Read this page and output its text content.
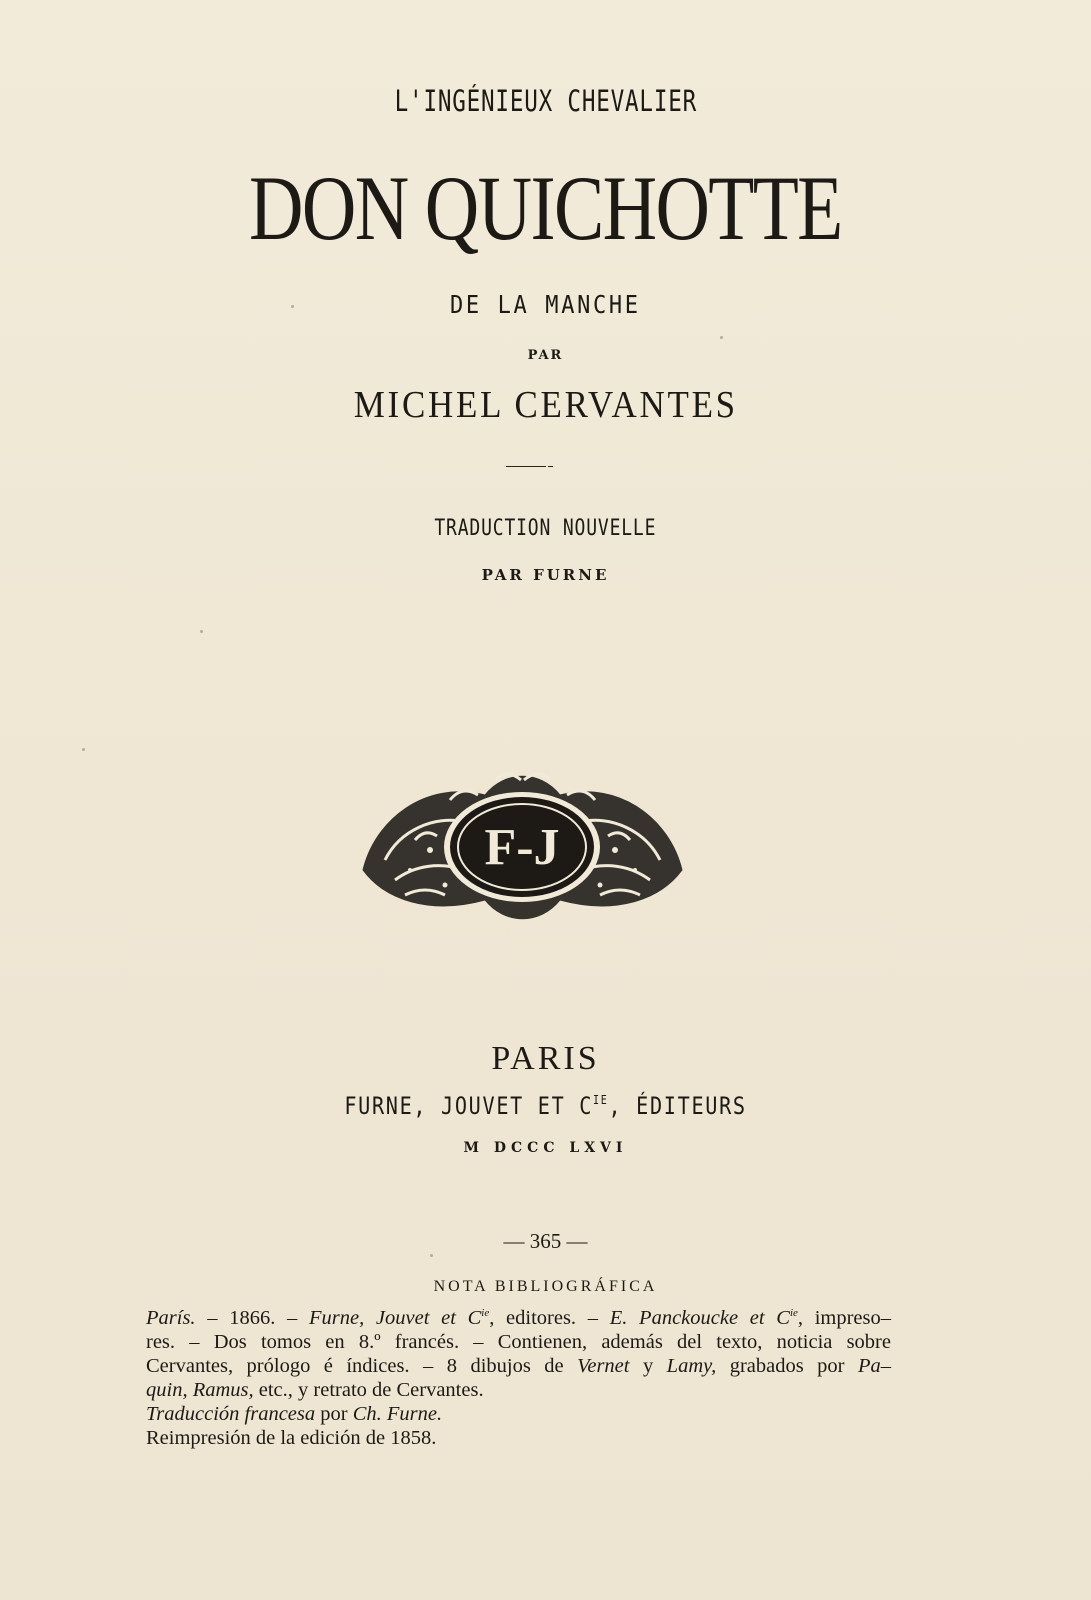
L'INGÉNIEUX CHEVALIER
DON QUICHOTTE
DE LA MANCHE
PAR
MICHEL CERVANTES
TRADUCTION NOUVELLE
PAR FURNE
F-J
PARIS
FURNE, JOUVET ET $C^{IE}$, ÉDITEURS
M DCCC LXVI
— 365 —
NOTA BIBLIOGRÁFICA
París. – 1866. – Furne, Jouvet et $C^{ie}$, editores. – E. Panckoucke et $C^{ie}$, impreso–
res. – Dos tomos en 8.º francés. – Contienen, además del texto, noticia sobre
Cervantes, prólogo é índices. – 8 dibujos de Vernet y Lamy, grabados por Pa–
quin, Ramus, etc., y retrato de Cervantes.
Traducción francesa por Ch. Furne.
Reimpresión de la edición de 1858.
